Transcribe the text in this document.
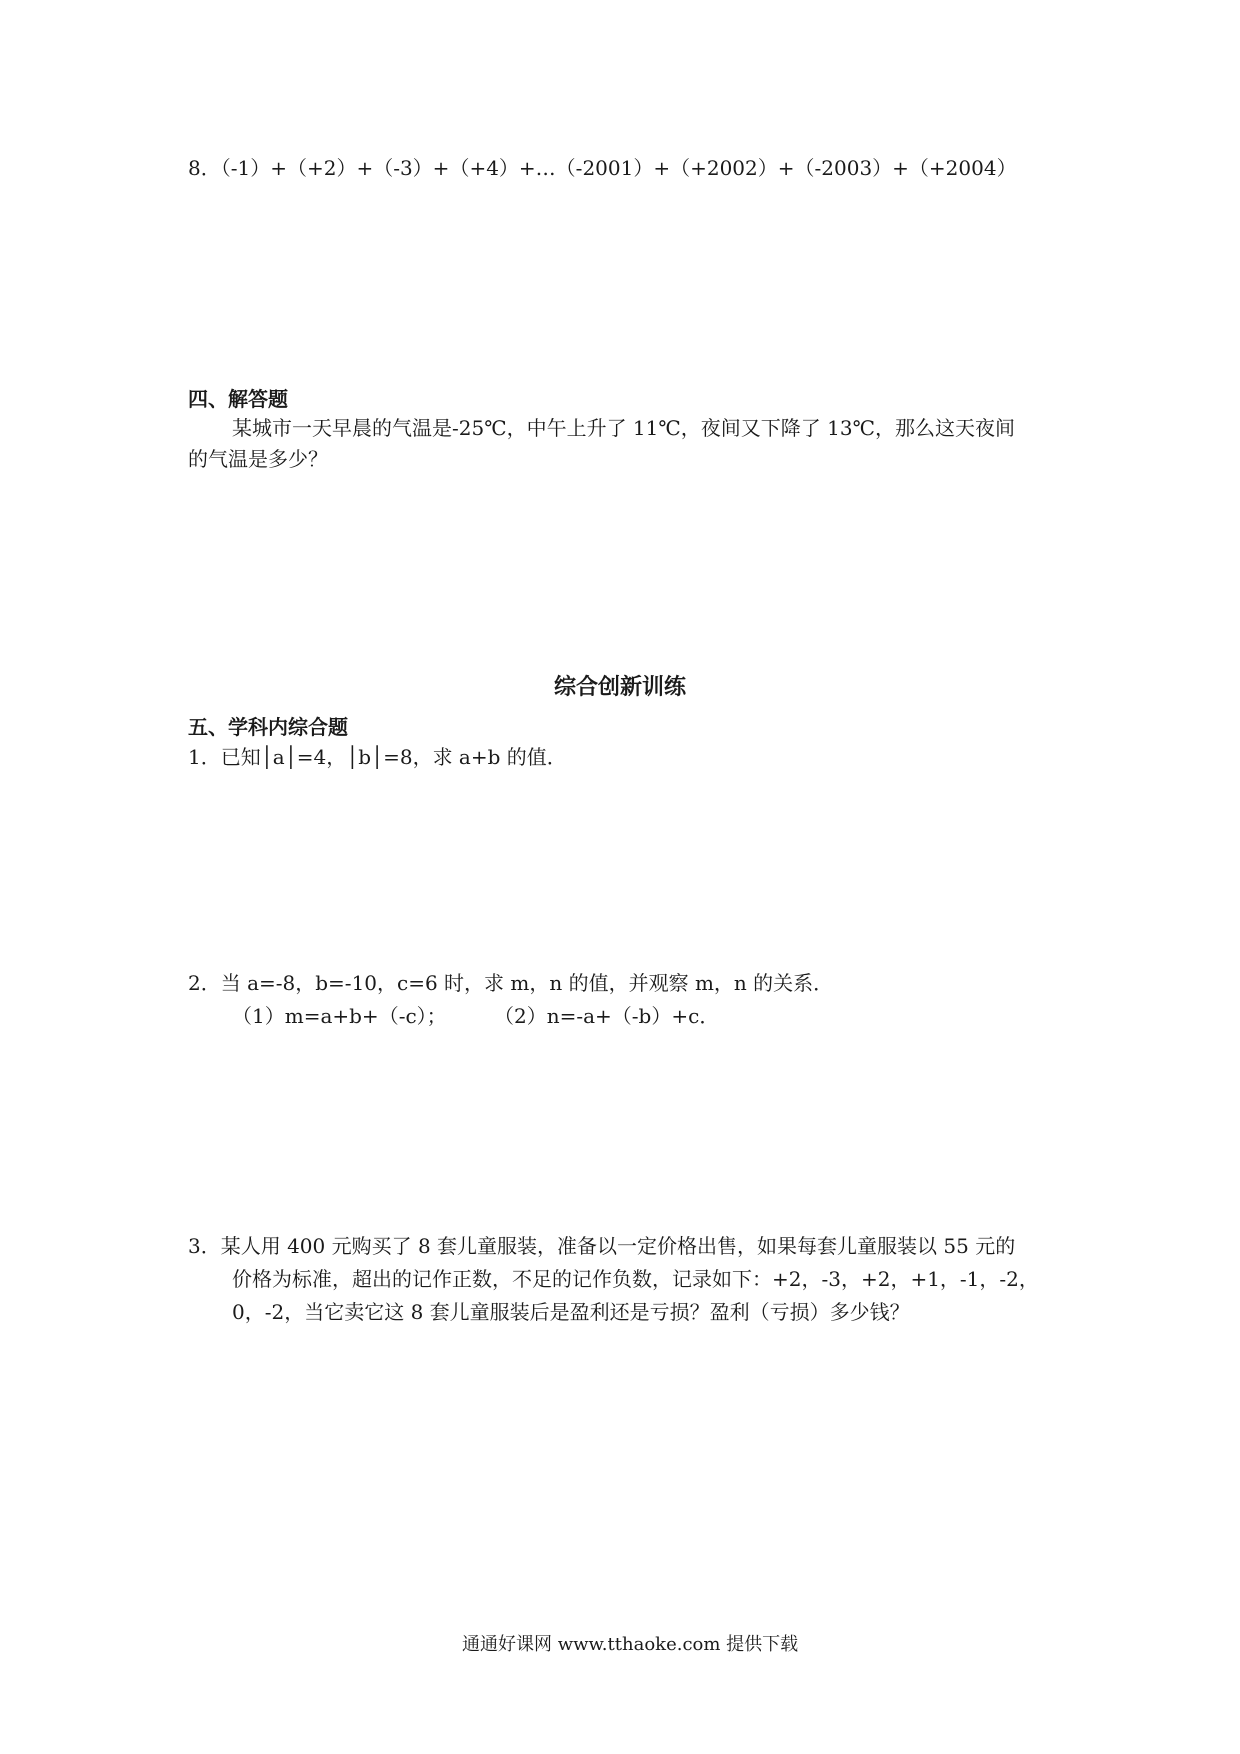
8．（-1）+（+2）+（-3）+（+4）+…（-2001）+（+2002）+（-2003）+（+2004）
四、解答题
某城市一天早晨的气温是-25℃，中午上升了 11℃，夜间又下降了 13℃，那么这天夜间
的气温是多少？
综合创新训练
五、学科内综合题
1．已知│a│=4，│b│=8，求 a+b 的值．
2．当 a=-8，b=-10，c=6 时，求 m，n 的值，并观察 m，n 的关系．
（1）m=a+b+（-c）； （2）n=-a+（-b）+c．
3．某人用 400 元购买了 8 套儿童服装，准备以一定价格出售，如果每套儿童服装以 55 元的
价格为标准，超出的记作正数，不足的记作负数，记录如下：+2，-3，+2，+1，-1，-2，
0，-2，当它卖它这 8 套儿童服装后是盈利还是亏损？盈利（亏损）多少钱？
通通好课网 www.tthaoke.com 提供下载
